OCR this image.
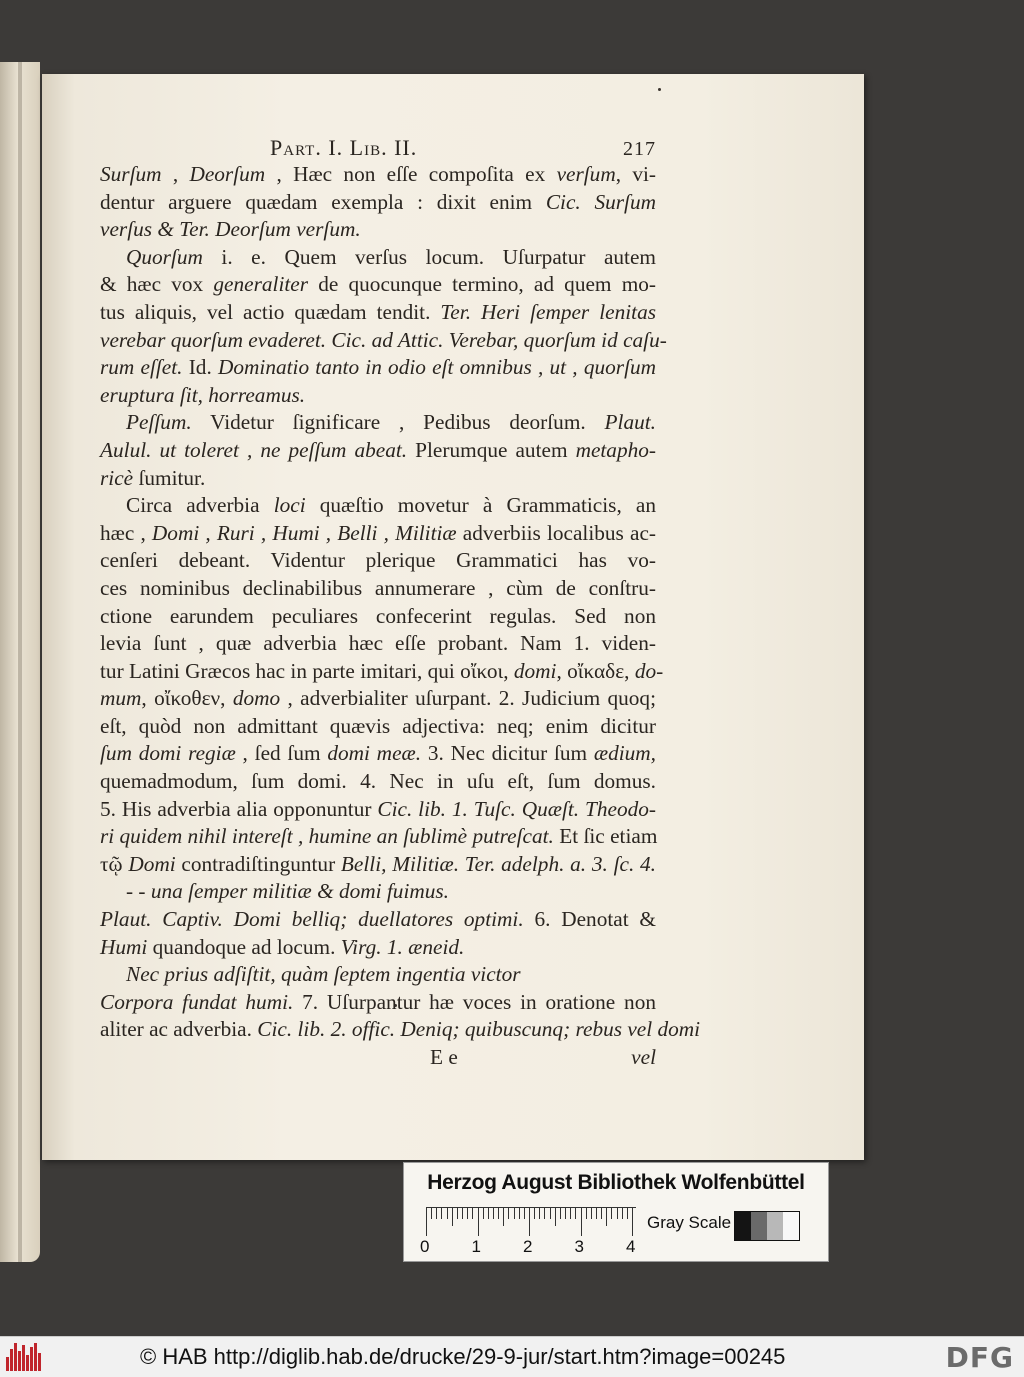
Part. I. Lib. II.	217
Surſum , Deorſum , Hæc non eſſe compoſita ex verſum, vi-
dentur arguere quædam exempla : dixit enim Cic. Surſum
verſus & Ter. Deorſum verſum.
Quorſum i. e. Quem verſus locum. Uſurpatur autem
& hæc vox generaliter de quocunque termino, ad quem mo-
tus aliquis, vel actio quædam tendit. Ter. Heri ſemper lenitas
verebar quorſum evaderet. Cic. ad Attic. Verebar, quorſum id caſu-
rum eſſet. Id. Dominatio tanto in odio eſt omnibus , ut , quorſum
eruptura ſit, horreamus.
Peſſum. Videtur ſignificare , Pedibus deorſum. Plaut.
Aulul. ut toleret , ne peſſum abeat. Plerumque autem metapho-
ricè ſumitur.
Circa adverbia loci quæſtio movetur à Grammaticis, an
hæc , Domi , Ruri , Humi , Belli , Militiæ adverbiis localibus ac-
cenſeri debeant. Videntur plerique Grammatici has vo-
ces nominibus declinabilibus annumerare , cùm de conſtru-
ctione earundem peculiares confecerint regulas. Sed non
levia ſunt , quæ adverbia hæc eſſe probant. Nam 1. viden-
tur Latini Græcos hac in parte imitari, qui οἴκοι, domi, οἴκαδε, do-
mum, οἴκοθεν, domo , adverbialiter uſurpant. 2. Judicium quoq;
eſt, quòd non admittant quævis adjectiva: neq; enim dicitur
ſum domi regiæ , ſed ſum domi meæ. 3. Nec dicitur ſum ædium,
quemadmodum, ſum domi. 4. Nec in uſu eſt, ſum domus.
5. His adverbia alia opponuntur Cic. lib. 1. Tuſc. Quæſt. Theodo-
ri quidem nihil intereſt , humine an ſublimè putreſcat. Et ſic etiam
τῷ Domi contradiſtinguntur Belli, Militiæ. Ter. adelph. a. 3. ſc. 4.
- - una ſemper militiæ & domi fuimus.
Plaut. Captiv. Domi belliq; duellatores optimi. 6. Denotat &
Humi quandoque ad locum. Virg. 1. æneid.
Nec prius adſiſtit, quàm ſeptem ingentia victor
Corpora fundat humi. 7. Uſurpantur hæ voces in oratione non
aliter ac adverbia. Cic. lib. 2. offic. Deniq; quibuscunq; rebus vel domi
E e	vel
Herzog August Bibliothek Wolfenbüttel
0 1 2 3 4
Gray Scale
© HAB http://diglib.hab.de/drucke/29-9-jur/start.htm?image=00245	DFG
